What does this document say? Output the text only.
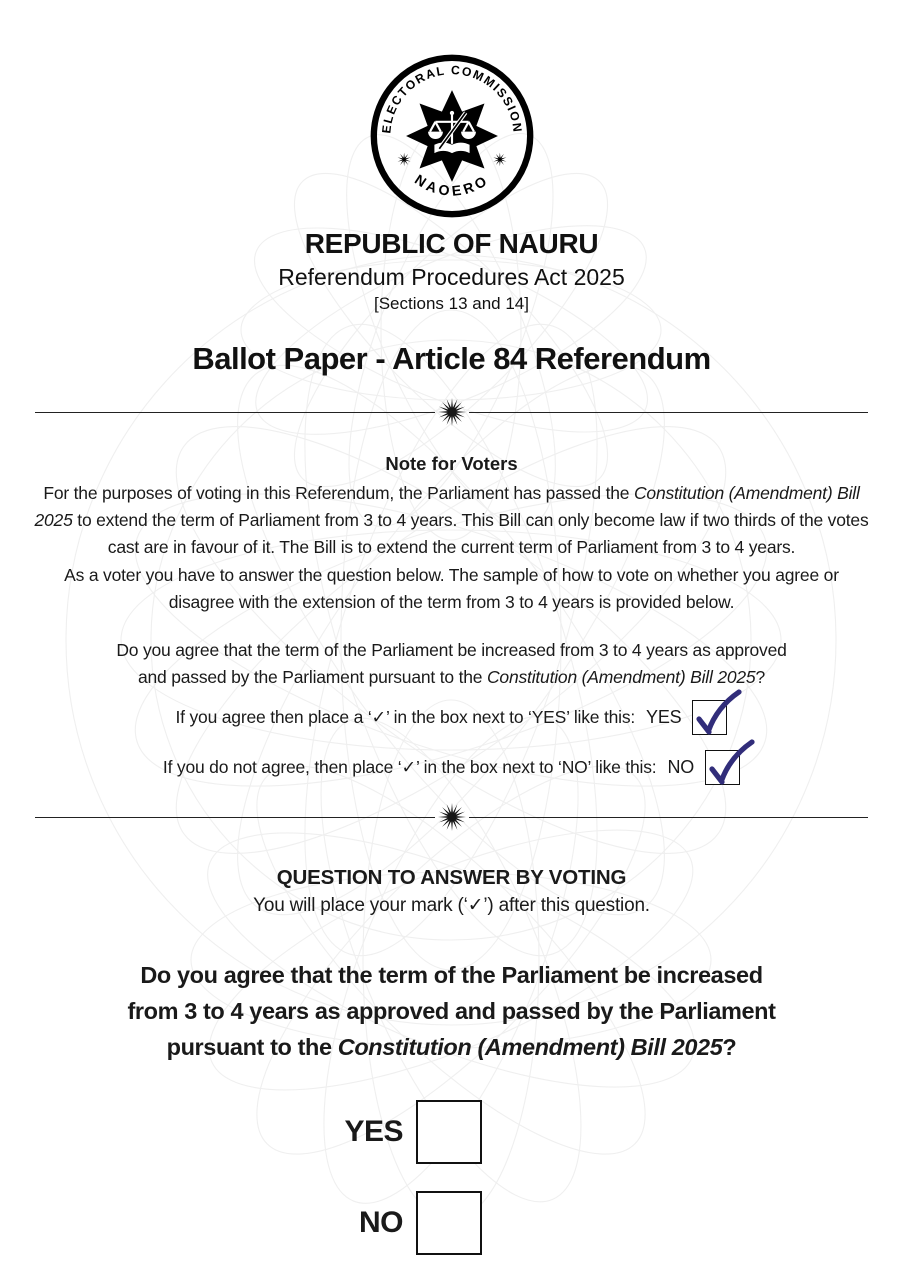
ELECTORAL COMMISSION
NAOERO
REPUBLIC OF NAURU
Referendum Procedures Act 2025
[Sections 13 and 14]
Ballot Paper - Article 84 Referendum
Note for Voters

For the purposes of voting in this Referendum, the Parliament has passed the Constitution (Amendment) Bill 2025 to extend the term of Parliament from 3 to 4 years. This Bill can only become law if two thirds of the votes cast are in favour of it. The Bill is to extend the current term of Parliament from 3 to 4 years.

As a voter you have to answer the question below. The sample of how to vote on whether you agree or disagree with the extension of the term from 3 to 4 years is provided below.

Do you agree that the term of the Parliament be increased from 3 to 4 years as approved and passed by the Parliament pursuant to the Constitution (Amendment) Bill 2025?

If you agree then place a ‘✓’ in the box next to ‘YES’ like this: YES
If you do not agree, then place ‘✓’ in the box next to ‘NO’ like this: NO
QUESTION TO ANSWER BY VOTING
You will place your mark (‘✓’) after this question.
Do you agree that the term of the Parliament be increased
from 3 to 4 years as approved and passed by the Parliament
pursuant to the Constitution (Amendment) Bill 2025?
YES
NO
